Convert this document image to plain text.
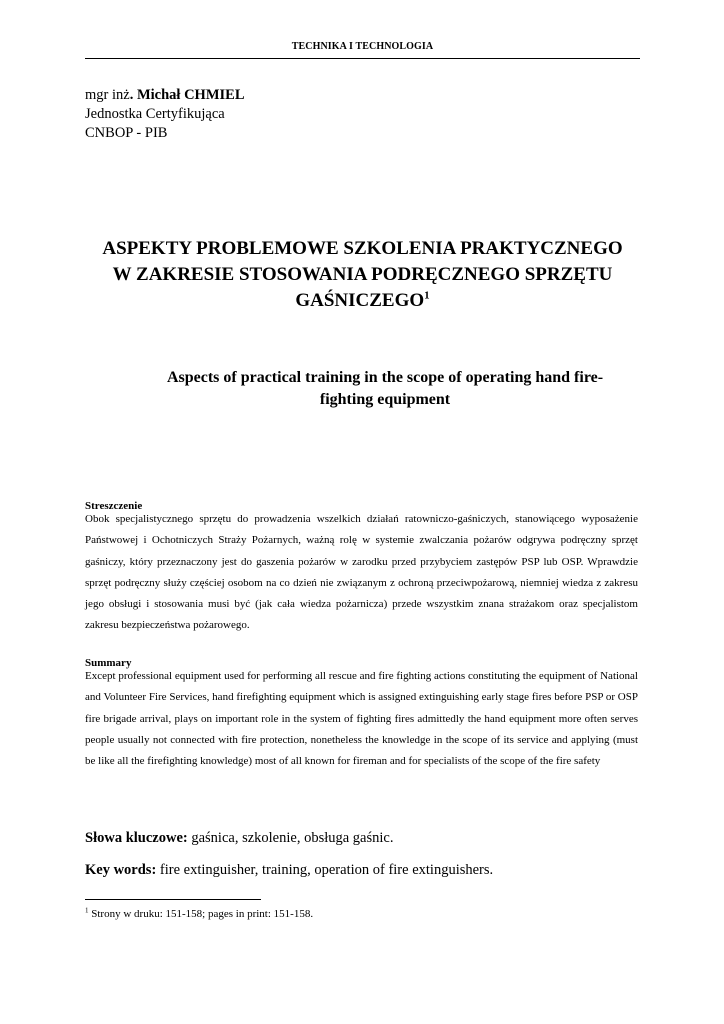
TECHNIKA I TECHNOLOGIA
mgr inż. Michał CHMIEL
Jednostka Certyfikująca
CNBOP - PIB
ASPEKTY PROBLEMOWE SZKOLENIA PRAKTYCZNEGO
W ZAKRESIE STOSOWANIA PODRĘCZNEGO SPRZĘTU
GAŚNICZEGO$^1$
Aspects of practical training in the scope of operating hand fire-
fighting equipment
Streszczenie
Obok specjalistycznego sprzętu do prowadzenia wszelkich działań ratowniczo-gaśniczych, stanowiącego wyposażenie Państwowej i Ochotniczych Straży Pożarnych, ważną rolę w systemie zwalczania pożarów odgrywa podręczny sprzęt gaśniczy, który przeznaczony jest do gaszenia pożarów w zarodku przed przybyciem zastępów PSP lub OSP. Wprawdzie sprzęt podręczny służy częściej osobom na co dzień nie związanym z ochroną przeciwpożarową, niemniej wiedza z zakresu jego obsługi i stosowania musi być (jak cała wiedza pożarnicza) przede wszystkim znana strażakom oraz specjalistom zakresu bezpieczeństwa pożarowego.
Summary
Except professional equipment used for performing all rescue and fire fighting actions constituting the equipment of National and Volunteer Fire Services, hand firefighting equipment which is assigned extinguishing early stage fires before PSP or OSP fire brigade arrival, plays on important role in the system of fighting fires admittedly the hand equipment more often serves people usually not connected with fire protection, nonetheless the knowledge in the scope of its service and applying (must be like all the firefighting knowledge) most of all known for fireman and for specialists of the scope of the fire safety
Słowa kluczowe: gaśnica, szkolenie, obsługa gaśnic.
Key words: fire extinguisher, training, operation of fire extinguishers.
$^1$ Strony w druku: 151-158; pages in print: 151-158.
